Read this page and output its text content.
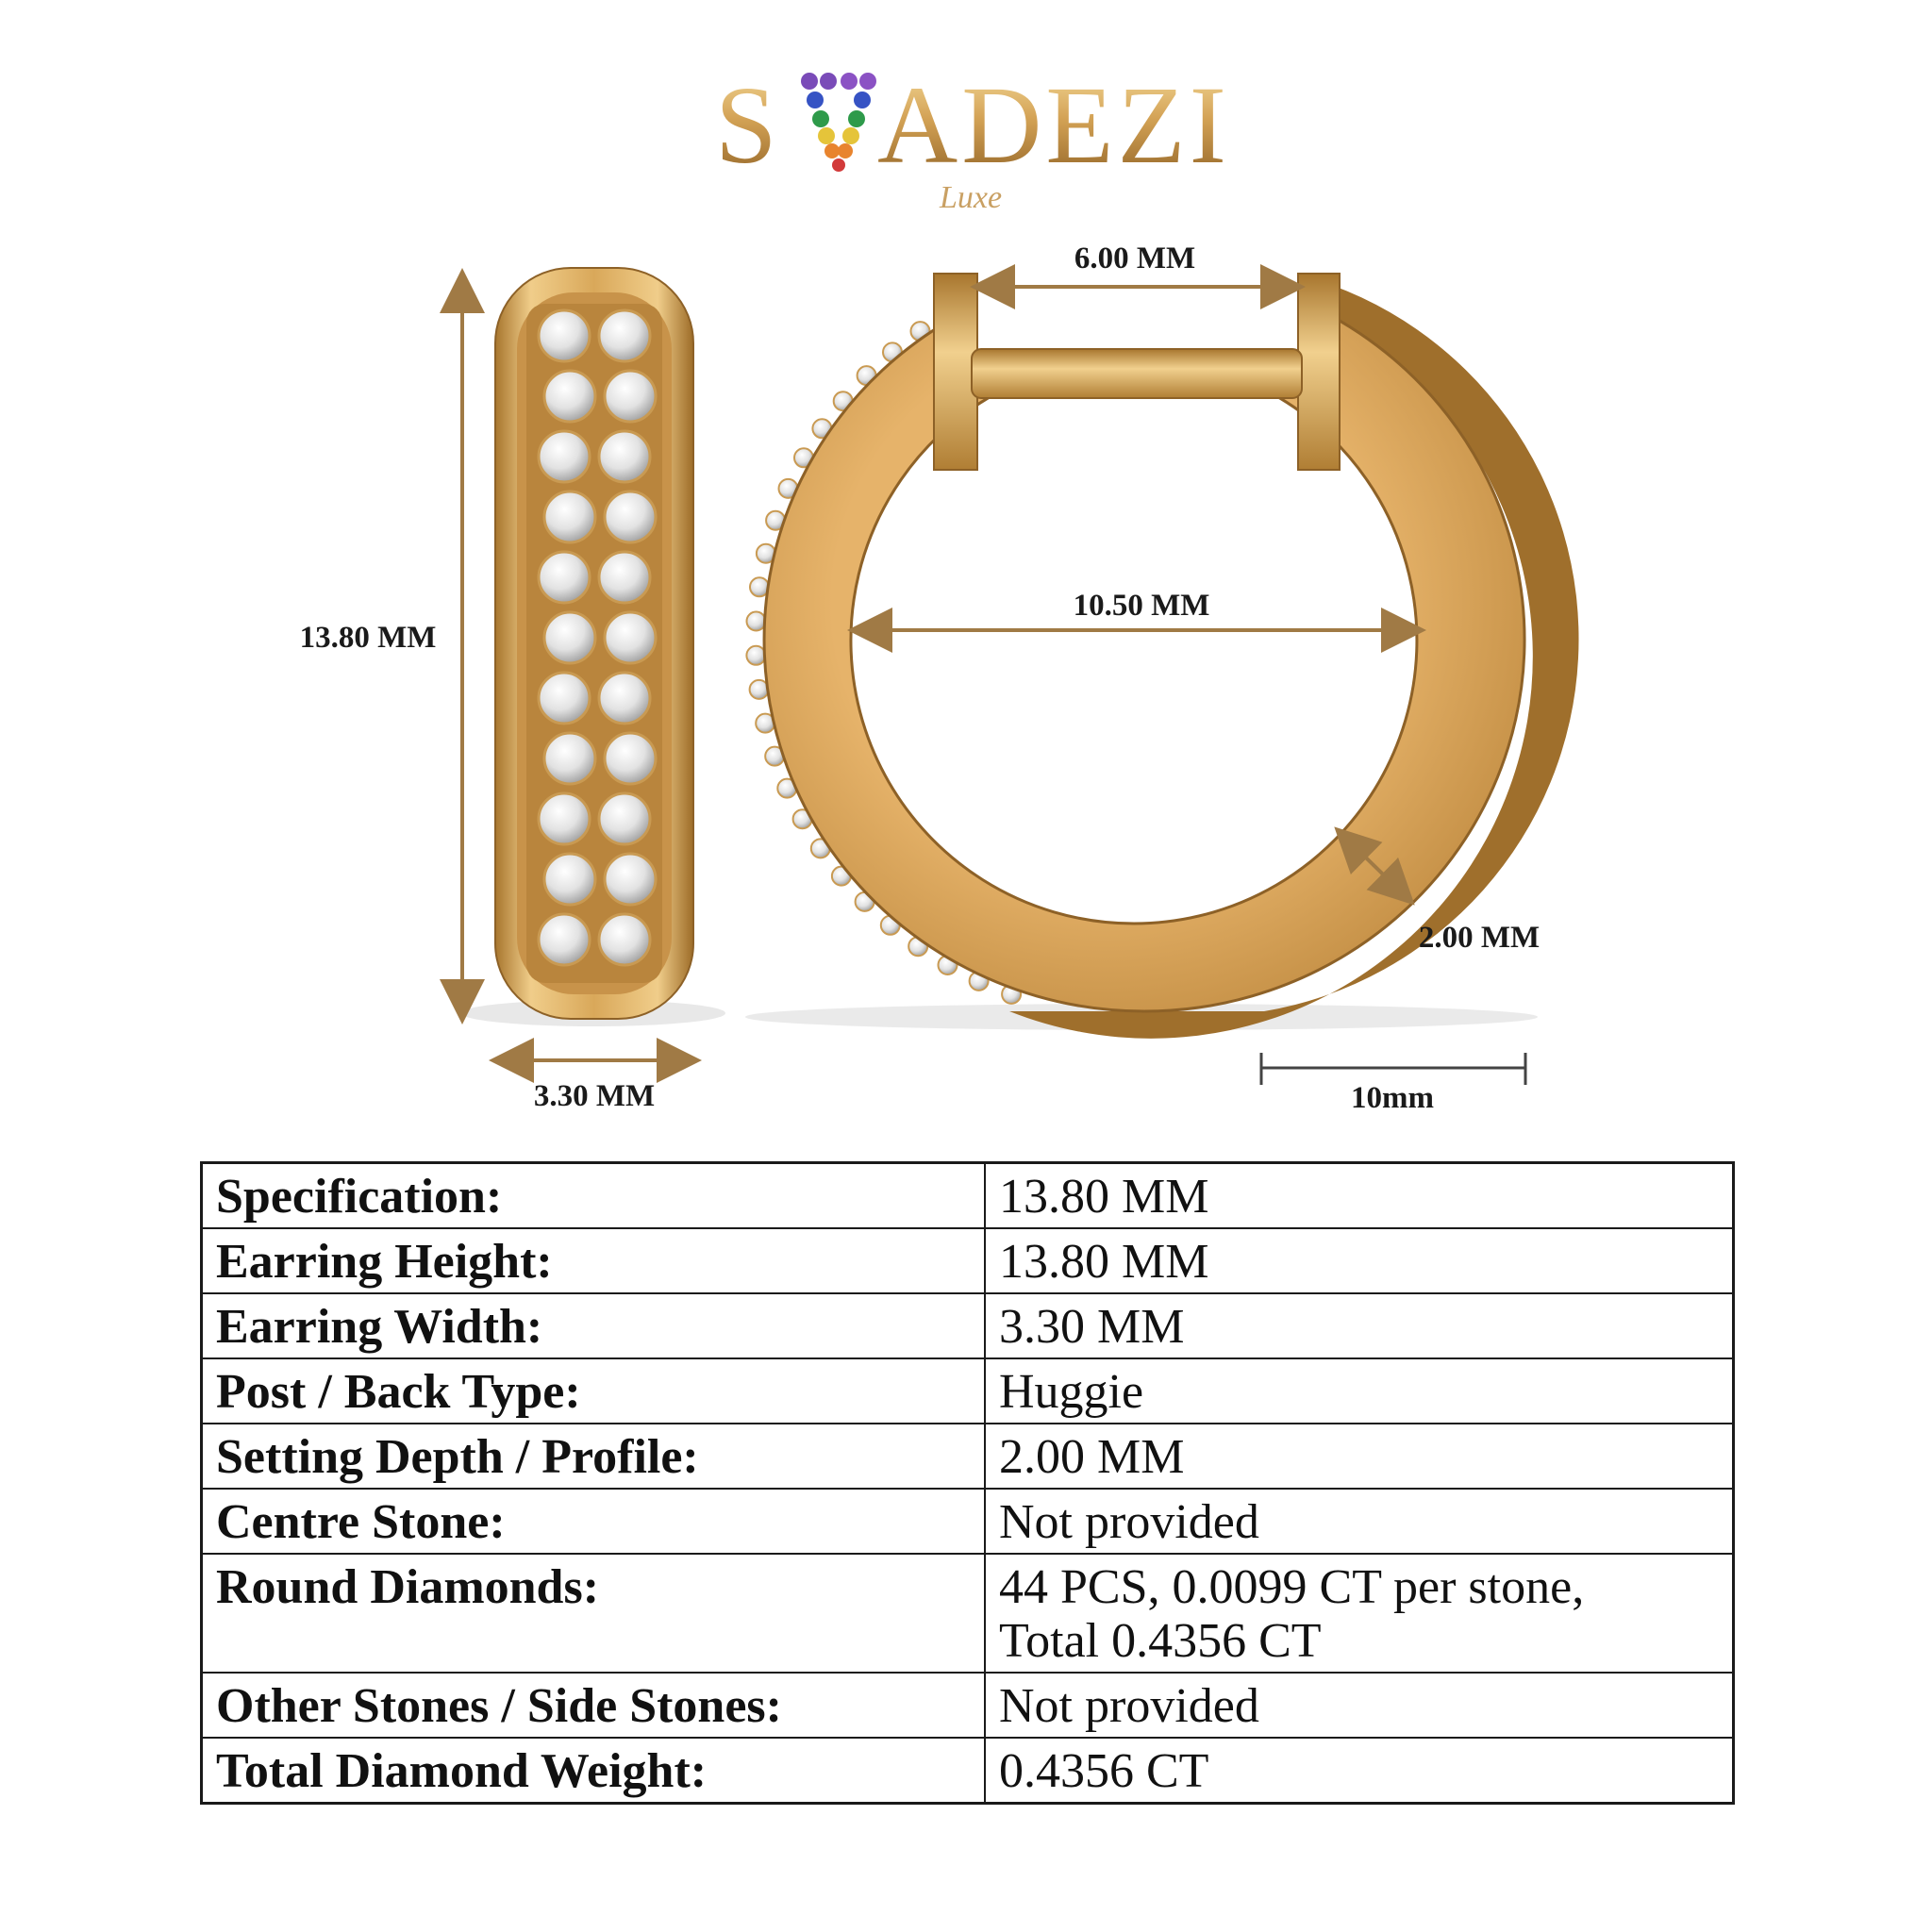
S ADEZI
Luxe
13.80 MM
3.30 MM
6.00 MM
10.50 MM
2.00 MM
10mm
Specification:	13.80 MM
Earring Height:	13.80 MM
Earring Width:	3.30 MM
Post / Back Type:	Huggie
Setting Depth / Profile:	2.00 MM
Centre Stone:	Not provided
Round Diamonds:	44 PCS, 0.0099 CT per stone,
Total 0.4356 CT

Other Stones / Side Stones:	Not provided
Total Diamond Weight:	0.4356 CT
